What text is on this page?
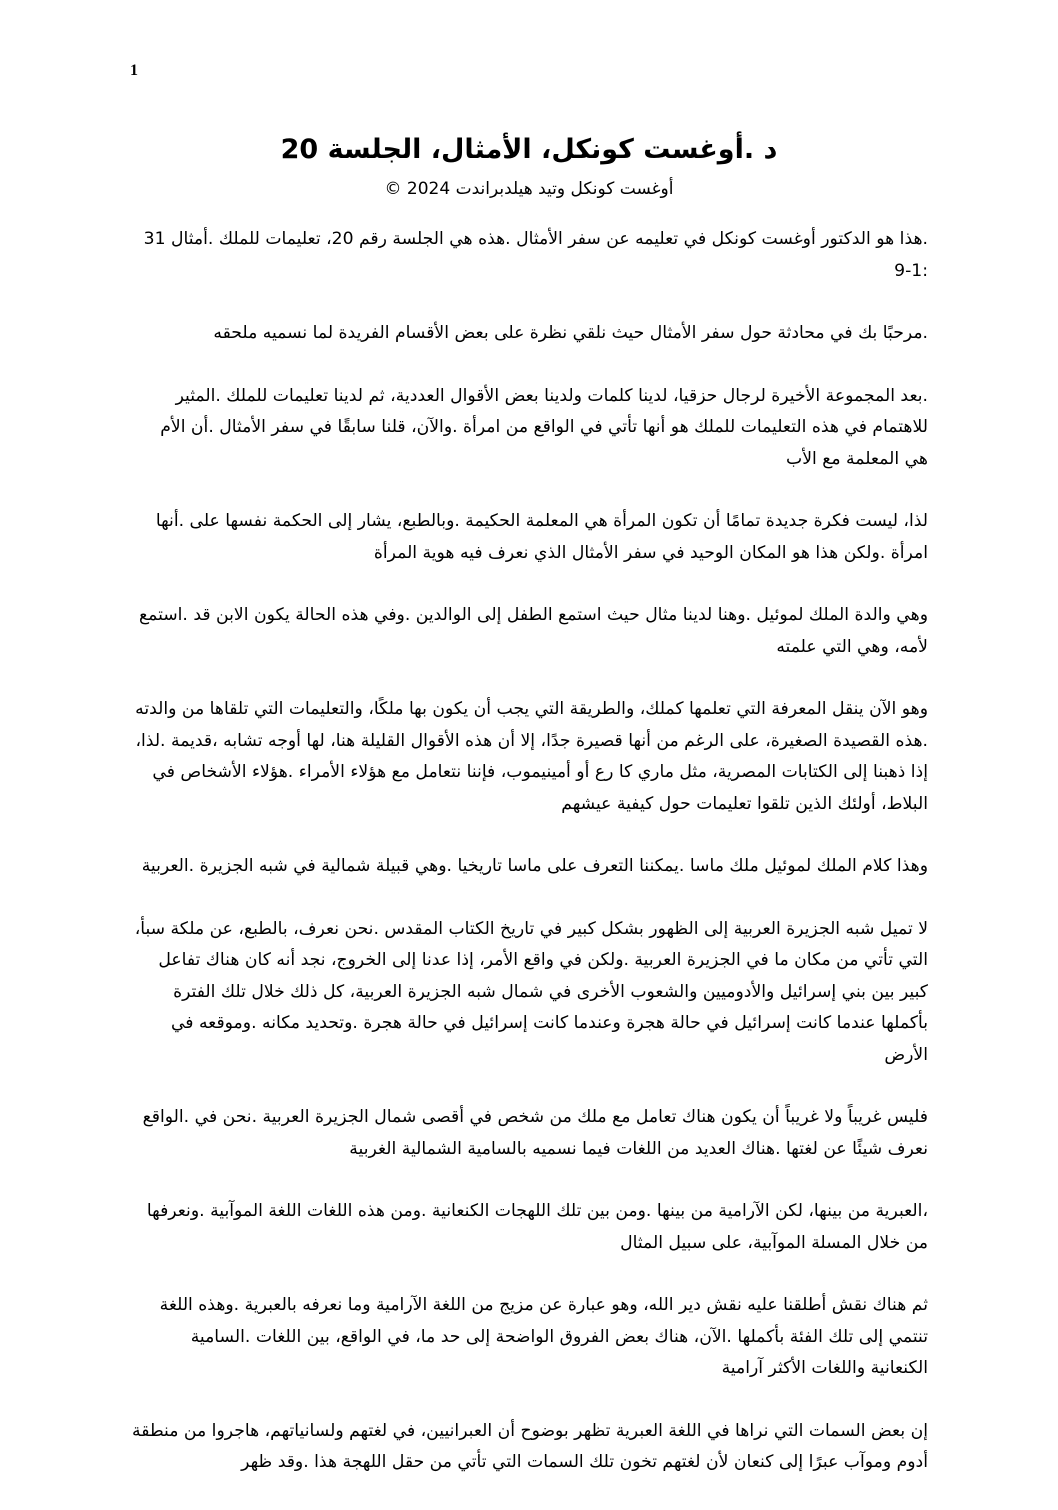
1
د .أوغست كونكل، الأمثال، الجلسة 20
أوغست كونكل وتيد هيلدبراندت 2024 ©

.هذا هو الدكتور أوغست كونكل في تعليمه عن سفر الأمثال .هذه هي الجلسة رقم 20، تعليمات للملك .أمثال 31 :1-9

.مرحبًا بك في محادثة حول سفر الأمثال حيث نلقي نظرة على بعض الأقسام الفريدة لما نسميه ملحقه

.بعد المجموعة الأخيرة لرجال حزقيا، لدينا كلمات ولدينا بعض الأقوال العددية، ثم لدينا تعليمات للملك .المثير للاهتمام في هذه التعليمات للملك هو أنها تأتي في الواقع من امرأة .والآن، قلنا سابقًا في سفر الأمثال .أن الأم هي المعلمة مع الأب

لذا، ليست فكرة جديدة تمامًا أن تكون المرأة هي المعلمة الحكيمة .وبالطبع، يشار إلى الحكمة نفسها على .أنها امرأة .ولكن هذا هو المكان الوحيد في سفر الأمثال الذي نعرف فيه هوية المرأة

وهي والدة الملك لموئيل .وهنا لدينا مثال حيث استمع الطفل إلى الوالدين .وفي هذه الحالة يكون الابن قد .استمع لأمه، وهي التي علمته

وهو الآن ينقل المعرفة التي تعلمها كملك، والطريقة التي يجب أن يكون بها ملكًا، والتعليمات التي تلقاها من والدته .هذه القصيدة الصغيرة، على الرغم من أنها قصيرة جدًا، إلا أن هذه الأقوال القليلة هنا، لها أوجه تشابه ،قديمة .لذا، إذا ذهبنا إلى الكتابات المصرية، مثل ماري كا رع أو أمينيموب، فإننا نتعامل مع هؤلاء الأمراء .هؤلاء الأشخاص في البلاط، أولئك الذين تلقوا تعليمات حول كيفية عيشهم

وهذا كلام الملك لموئيل ملك ماسا .يمكننا التعرف على ماسا تاريخيا .وهي قبيلة شمالية في شبه الجزيرة .العربية

لا تميل شبه الجزيرة العربية إلى الظهور بشكل كبير في تاريخ الكتاب المقدس .نحن نعرف، بالطبع، عن ملكة سبأ، التي تأتي من مكان ما في الجزيرة العربية .ولكن في واقع الأمر، إذا عدنا إلى الخروج، نجد أنه كان هناك تفاعل كبير بين بني إسرائيل والأدوميين والشعوب الأخرى في شمال شبه الجزيرة العربية، كل ذلك خلال تلك الفترة بأكملها عندما كانت إسرائيل في حالة هجرة وعندما كانت إسرائيل في حالة هجرة .وتحديد مكانه .وموقعه في الأرض

فليس غريباً ولا غريباً أن يكون هناك تعامل مع ملك من شخص في أقصى شمال الجزيرة العربية .نحن في .الواقع نعرف شيئًا عن لغتها .هناك العديد من اللغات فيما نسميه بالسامية الشمالية الغربية

،العبرية من بينها، لكن الآرامية من بينها .ومن بين تلك اللهجات الكنعانية .ومن هذه اللغات اللغة الموآبية .ونعرفها من خلال المسلة الموآبية، على سبيل المثال

ثم هناك نقش أطلقنا عليه نقش دير الله، وهو عبارة عن مزيج من اللغة الآرامية وما نعرفه بالعبرية .وهذه اللغة تنتمي إلى تلك الفئة بأكملها .الآن، هناك بعض الفروق الواضحة إلى حد ما، في الواقع، بين اللغات .السامية الكنعانية واللغات الأكثر آرامية

إن بعض السمات التي نراها في اللغة العبرية تظهر بوضوح أن العبرانيين، في لغتهم ولسانياتهم، هاجروا من منطقة أدوم وموآب عبرًا إلى كنعان لأن لغتهم تخون تلك السمات التي تأتي من حقل اللهجة هذا .وقد ظهر
